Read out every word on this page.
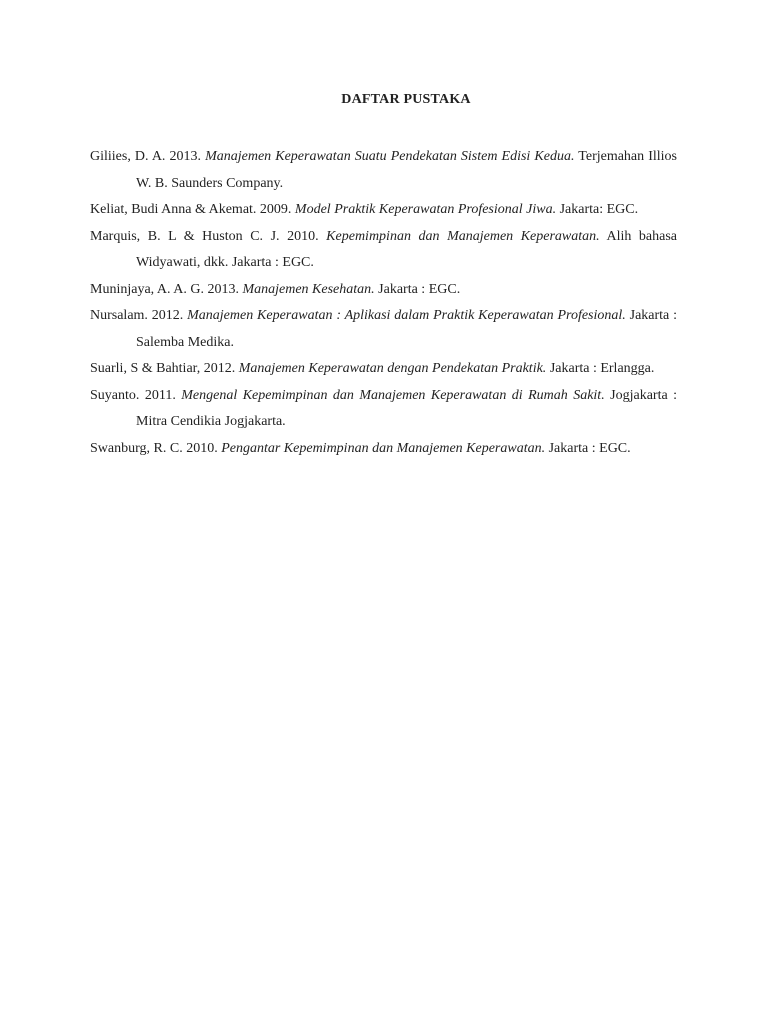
DAFTAR PUSTAKA

Giliies, D. A. 2013. Manajemen Keperawatan Suatu Pendekatan Sistem Edisi Kedua. Terjemahan Illios W. B. Saunders Company.

Keliat, Budi Anna & Akemat. 2009. Model Praktik Keperawatan Profesional Jiwa. Jakarta: EGC.

Marquis, B. L & Huston C. J. 2010. Kepemimpinan dan Manajemen Keperawatan. Alih bahasa Widyawati, dkk. Jakarta : EGC.

Muninjaya, A. A. G. 2013. Manajemen Kesehatan. Jakarta : EGC.

Nursalam. 2012. Manajemen Keperawatan : Aplikasi dalam Praktik Keperawatan Profesional. Jakarta : Salemba Medika.

Suarli, S & Bahtiar, 2012. Manajemen Keperawatan dengan Pendekatan Praktik. Jakarta : Erlangga.

Suyanto. 2011. Mengenal Kepemimpinan dan Manajemen Keperawatan di Rumah Sakit. Jogjakarta : Mitra Cendikia Jogjakarta.

Swanburg, R. C. 2010. Pengantar Kepemimpinan dan Manajemen Keperawatan. Jakarta : EGC.
